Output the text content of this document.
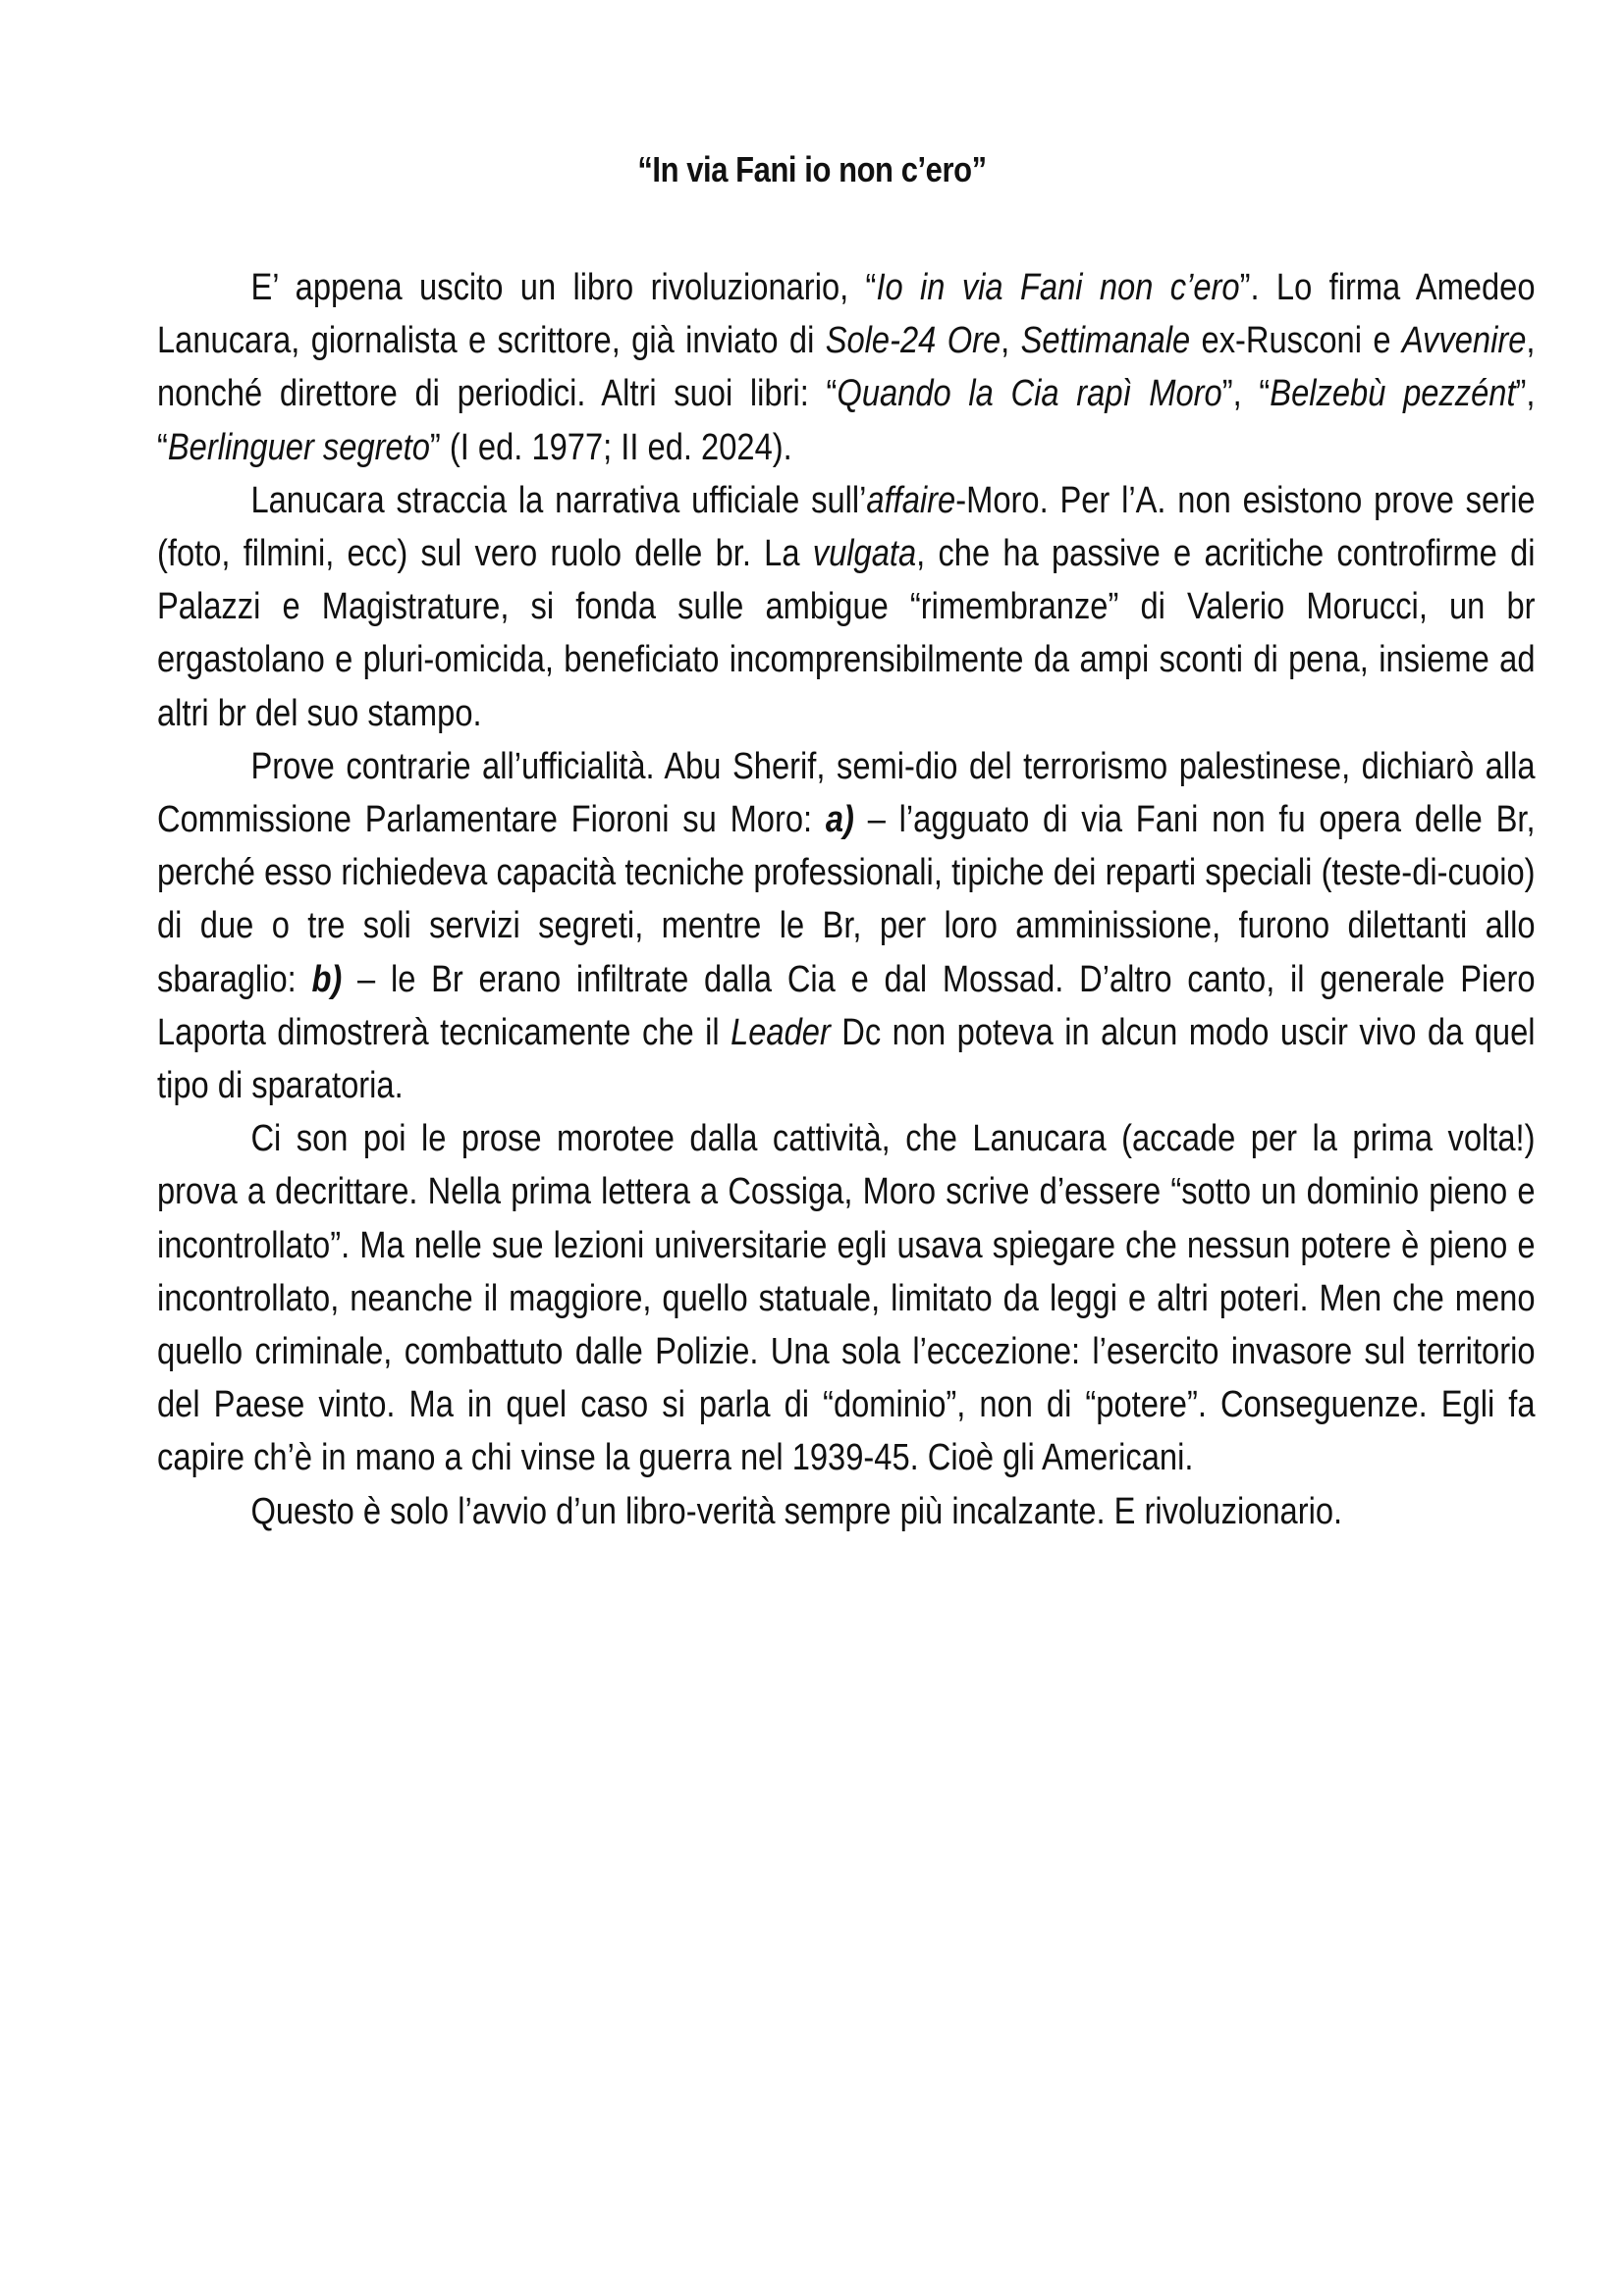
“In via Fani io non c’ero”

E’ appena uscito un libro rivoluzionario, “Io in via Fani non c’ero”. Lo firma Amedeo Lanucara, giornalista e scrittore, già inviato di Sole-24 Ore, Settimanale ex-Rusconi e Avvenire, nonché direttore di periodici. Altri suoi libri: “Quando la Cia rapì Moro”, “Belzebù pezzént”, “Berlinguer segreto” (I ed. 1977; II ed. 2024).

Lanucara straccia la narrativa ufficiale sull’affaire-Moro. Per l’A. non esistono prove serie (foto, filmini, ecc) sul vero ruolo delle br. La vulgata, che ha passive e acritiche controfirme di Palazzi e Magistrature, si fonda sulle ambigue “rimembranze” di Valerio Morucci, un br ergastolano e pluri-omicida, beneficiato incomprensibilmente da ampi sconti di pena, insieme ad altri br del suo stampo.

Prove contrarie all’ufficialità. Abu Sherif, semi-dio del terrorismo palestinese, dichiarò alla Commissione Parlamentare Fioroni su Moro: a) – l’agguato di via Fani non fu opera delle Br, perché esso richiedeva capacità tecniche professionali, tipiche dei reparti speciali (teste-di-cuoio) di due o tre soli servizi segreti, mentre le Br, per loro amminissione, furono dilettanti allo sbaraglio: b) – le Br erano infiltrate dalla Cia e dal Mossad. D’altro canto, il generale Piero Laporta dimostrerà tecnicamente che il Leader Dc non poteva in alcun modo uscir vivo da quel tipo di sparatoria.

Ci son poi le prose morotee dalla cattività, che Lanucara (accade per la prima volta!) prova a decrittare. Nella prima lettera a Cossiga, Moro scrive d’essere “sotto un dominio pieno e incontrollato”. Ma nelle sue lezioni universitarie egli usava spiegare che nessun potere è pieno e incontrollato, neanche il maggiore, quello statuale, limitato da leggi e altri poteri. Men che meno quello criminale, combattuto dalle Polizie. Una sola l’eccezione: l’esercito invasore sul territorio del Paese vinto. Ma in quel caso si parla di “dominio”, non di “potere”. Conseguenze. Egli fa capire ch’è in mano a chi vinse la guerra nel 1939-45. Cioè gli Americani.

Questo è solo l’avvio d’un libro-verità sempre più incalzante. E rivoluzionario.
